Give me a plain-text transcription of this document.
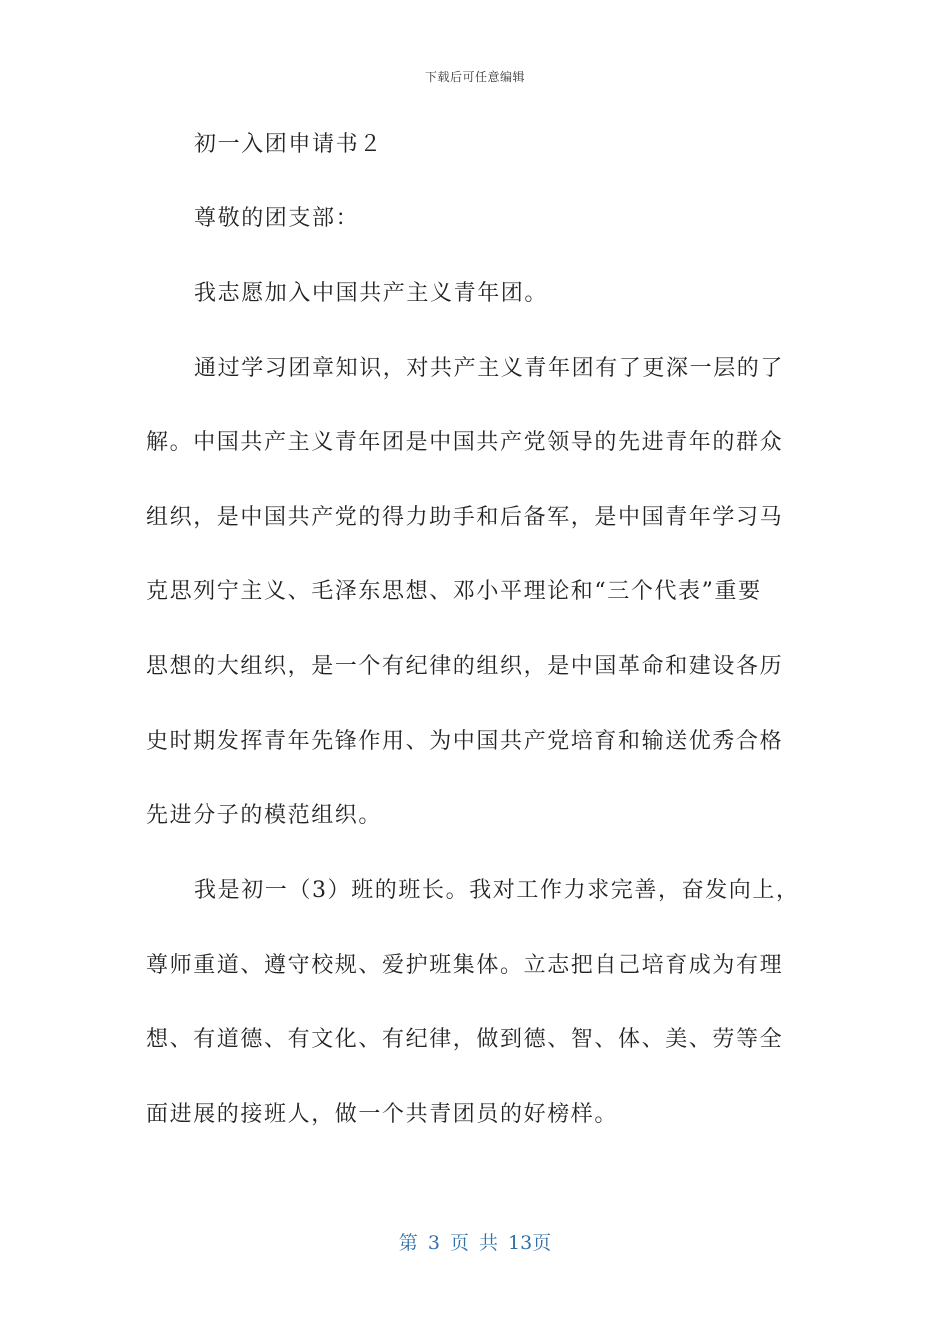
下载后可任意编辑
初一入团申请书２
尊敬的团支部：
我志愿加入中国共产主义青年团。
通过学习团章知识，对共产主义青年团有了更深一层的了
解。中国共产主义青年团是中国共产党领导的先进青年的群众
组织，是中国共产党的得力助手和后备军，是中国青年学习马
克思列宁主义、毛泽东思想、邓小平理论和“三个代表”重要
思想的大组织，是一个有纪律的组织，是中国革命和建设各历
史时期发挥青年先锋作用、为中国共产党培育和输送优秀合格
先进分子的模范组织。
我是初一（3）班的班长。我对工作力求完善，奋发向上，
尊师重道、遵守校规、爱护班集体。立志把自己培育成为有理
想、有道德、有文化、有纪律，做到德、智、体、美、劳等全
面进展的接班人，做一个共青团员的好榜样。
第 3 页 共 13页
